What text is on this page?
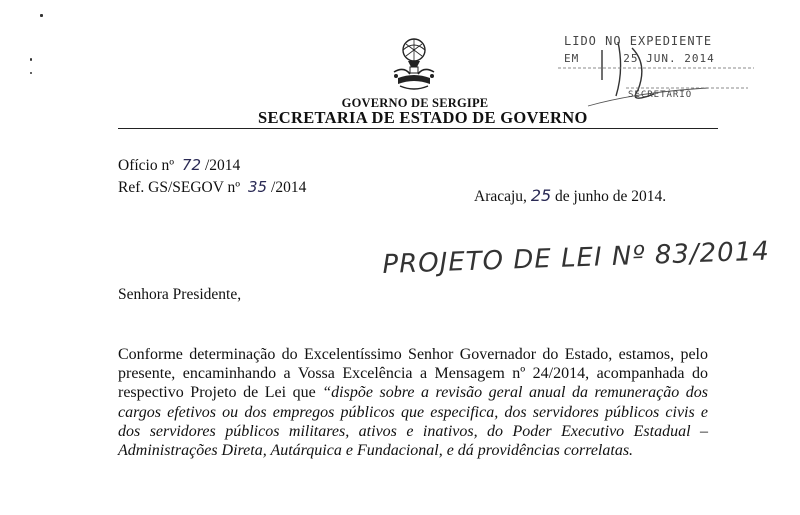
GOVERNO DE SERGIPE
SECRETARIA DE ESTADO DE GOVERNO
LIDO NO EXPEDIENTE
EM	25 JUN. 2014
SECRETÁRIO
Ofício nº 72 /2014
Ref. GS/SEGOV nº 35 /2014
Aracaju, 25 de junho de 2014.
PROJETO DE LEI Nº 83/2014
Senhora Presidente,
Conforme determinação do Excelentíssimo Senhor Governador do Estado, estamos, pelo presente, encaminhando a Vossa Excelência a Mensagem nº 24/2014, acompanhada do respectivo Projeto de Lei que “dispõe sobre a revisão geral anual da remuneração dos cargos efetivos ou dos empregos públicos que especifica, dos servidores públicos civis e dos servidores públicos militares, ativos e inativos, do Poder Executivo Estadual – Administrações Direta, Autárquica e Fundacional, e dá providências correlatas.
